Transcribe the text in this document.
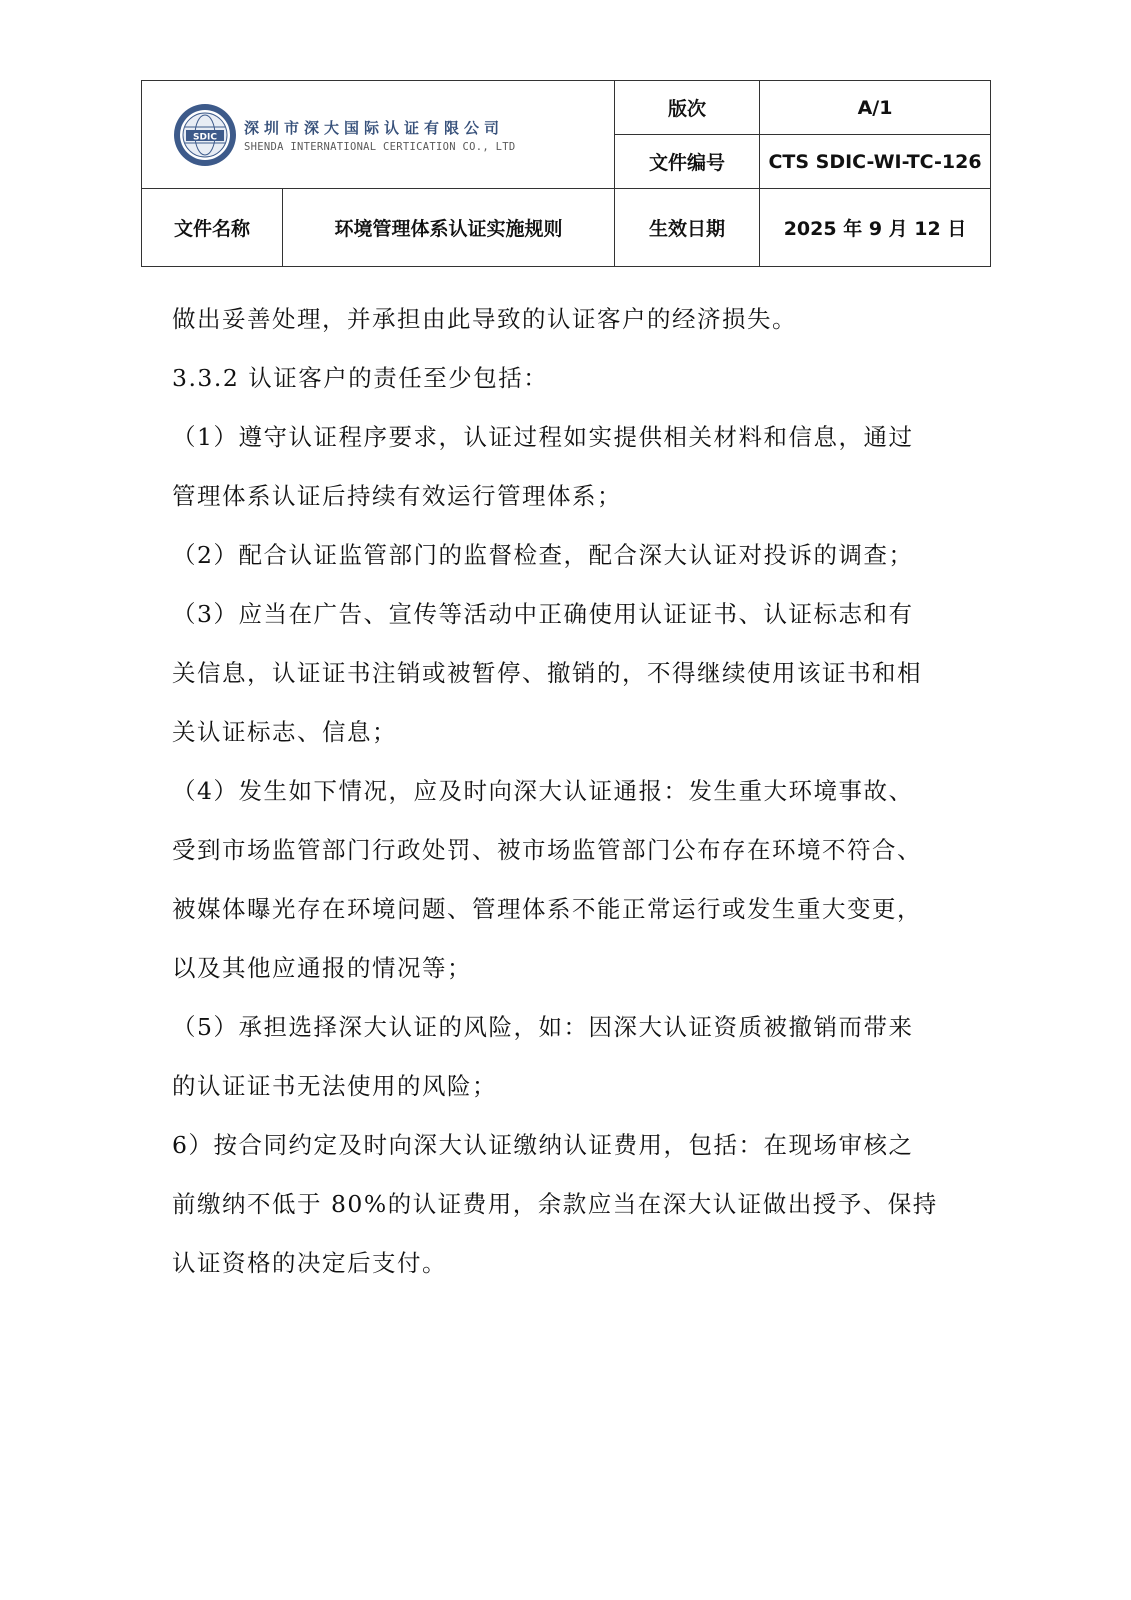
SDIC
深圳市深大国际认证有限公司
SHENDA INTERNATIONAL CERTICATION CO., LTD		版次	A/1
		文件编号	CTS SDIC-WI-TC-126
文件名称	环境管理体系认证实施规则	生效日期	2025 年 9 月 12 日

做出妥善处理，并承担由此导致的认证客户的经济损失。

3.3.2 认证客户的责任至少包括：

（1）遵守认证程序要求，认证过程如实提供相关材料和信息，通过

管理体系认证后持续有效运行管理体系；

（2）配合认证监管部门的监督检查，配合深大认证对投诉的调查；

（3）应当在广告、宣传等活动中正确使用认证证书、认证标志和有

关信息，认证证书注销或被暂停、撤销的，不得继续使用该证书和相

关认证标志、信息；

（4）发生如下情况，应及时向深大认证通报：发生重大环境事故、

受到市场监管部门行政处罚、被市场监管部门公布存在环境不符合、

被媒体曝光存在环境问题、管理体系不能正常运行或发生重大变更，

以及其他应通报的情况等；

（5）承担选择深大认证的风险，如：因深大认证资质被撤销而带来

的认证证书无法使用的风险；

6）按合同约定及时向深大认证缴纳认证费用，包括：在现场审核之

前缴纳不低于 80%的认证费用，余款应当在深大认证做出授予、保持

认证资格的决定后支付。
